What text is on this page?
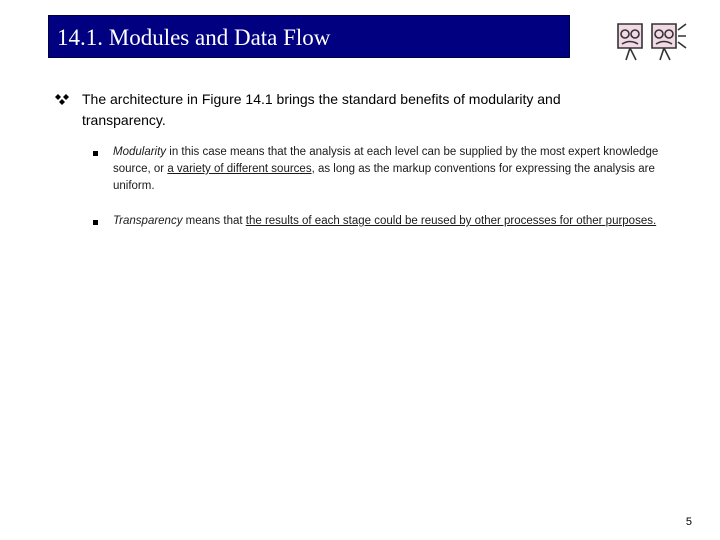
14.1. Modules and Data Flow
The architecture in Figure 14.1 brings the standard benefits of modularity and transparency.
Modularity in this case means that the analysis at each level can be supplied by the most expert knowledge source, or a variety of different sources, as long as the markup conventions for expressing the analysis are uniform.
Transparency means that the results of each stage could be reused by other processes for other purposes.
5
